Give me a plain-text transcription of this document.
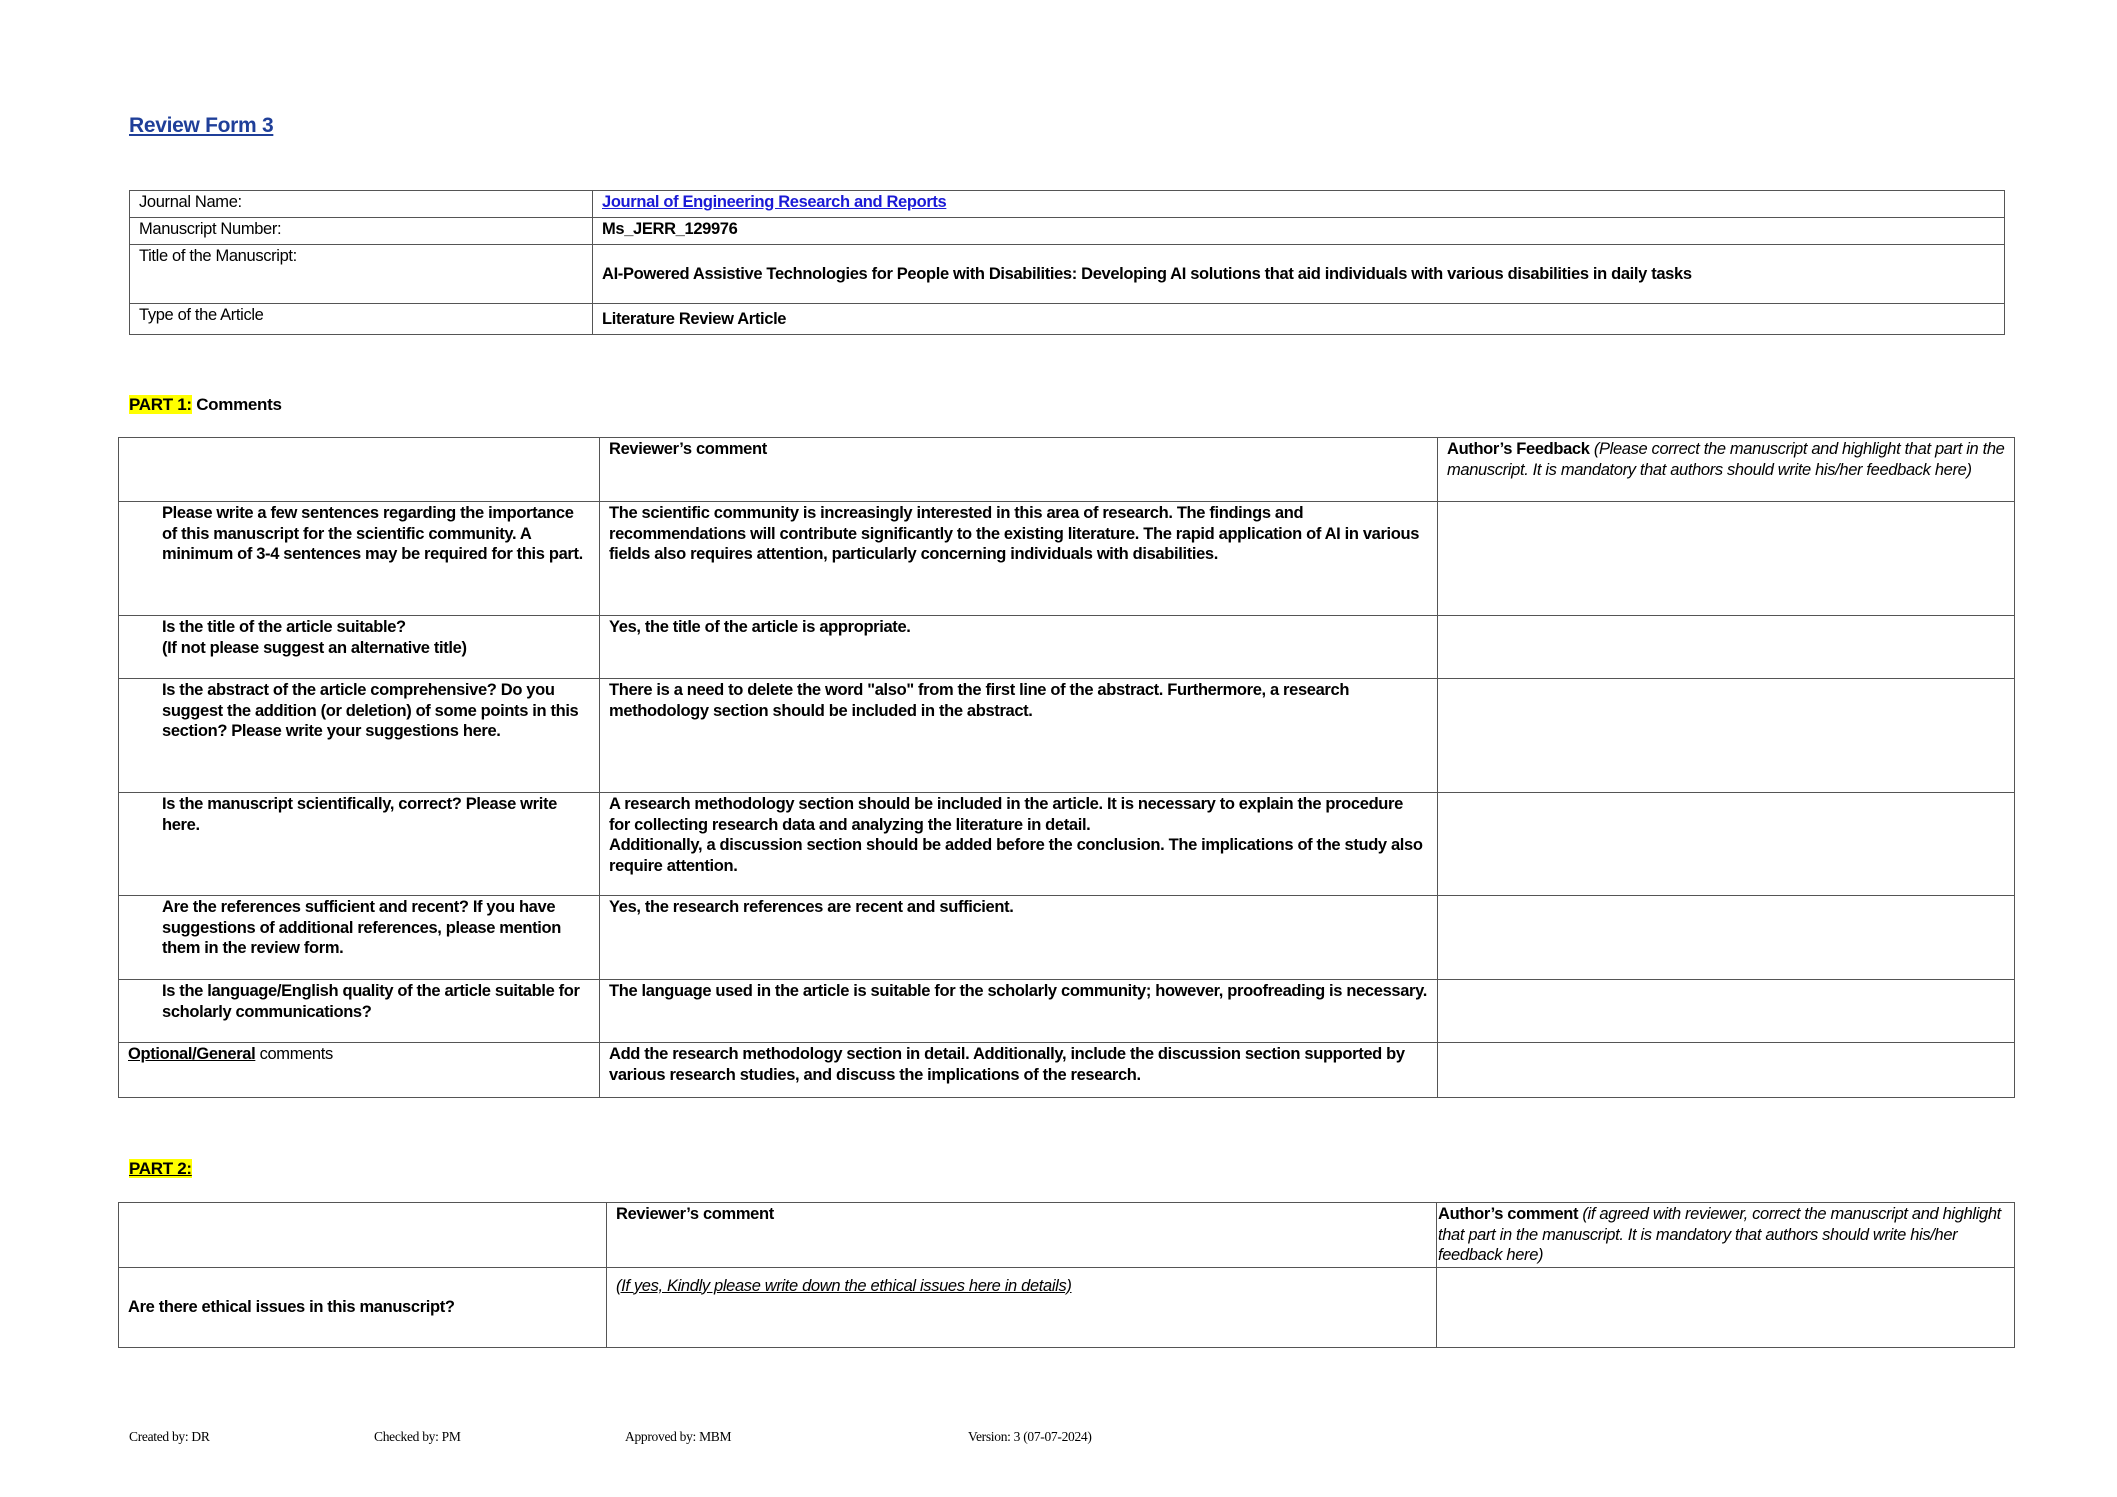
Review Form 3
Journal Name:	Journal of Engineering Research and Reports
Manuscript Number:	Ms_JERR_129976
Title of the Manuscript:	AI-Powered Assistive Technologies for People with Disabilities: Developing AI solutions that aid individuals with various disabilities in daily tasks
Type of the Article	Literature Review Article
PART 1: Comments
	Reviewer’s comment	Author’s Feedback (Please correct the manuscript and highlight that part in the manuscript. It is mandatory that authors should write his/her feedback here)
Please write a few sentences regarding the importance of this manuscript for the scientific community. A minimum of 3-4 sentences may be required for this part.	The scientific community is increasingly interested in this area of research. The findings and recommendations will contribute significantly to the existing literature. The rapid application of AI in various fields also requires attention, particularly concerning individuals with disabilities.	
Is the title of the article suitable?
(If not please suggest an alternative title)	Yes, the title of the article is appropriate.	
Is the abstract of the article comprehensive? Do you suggest the addition (or deletion) of some points in this section? Please write your suggestions here.	There is a need to delete the word "also" from the first line of the abstract. Furthermore, a research methodology section should be included in the abstract.	
Is the manuscript scientifically, correct? Please write here.	A research methodology section should be included in the article. It is necessary to explain the procedure for collecting research data and analyzing the literature in detail.
Additionally, a discussion section should be added before the conclusion. The implications of the study also require attention.	
Are the references sufficient and recent? If you have suggestions of additional references, please mention them in the review form.	Yes, the research references are recent and sufficient.	
Is the language/English quality of the article suitable for scholarly communications?	The language used in the article is suitable for the scholarly community; however, proofreading is necessary.	
Optional/General comments	Add the research methodology section in detail. Additionally, include the discussion section supported by various research studies, and discuss the implications of the research.	
PART 2:
	Reviewer’s comment	Author’s comment (if agreed with reviewer, correct the manuscript and highlight that part in the manuscript. It is mandatory that authors should write his/her feedback here)
Are there ethical issues in this manuscript?	(If yes, Kindly please write down the ethical issues here in details)	
Created by: DR	Checked by: PM	Approved by: MBM	Version: 3 (07-07-2024)
